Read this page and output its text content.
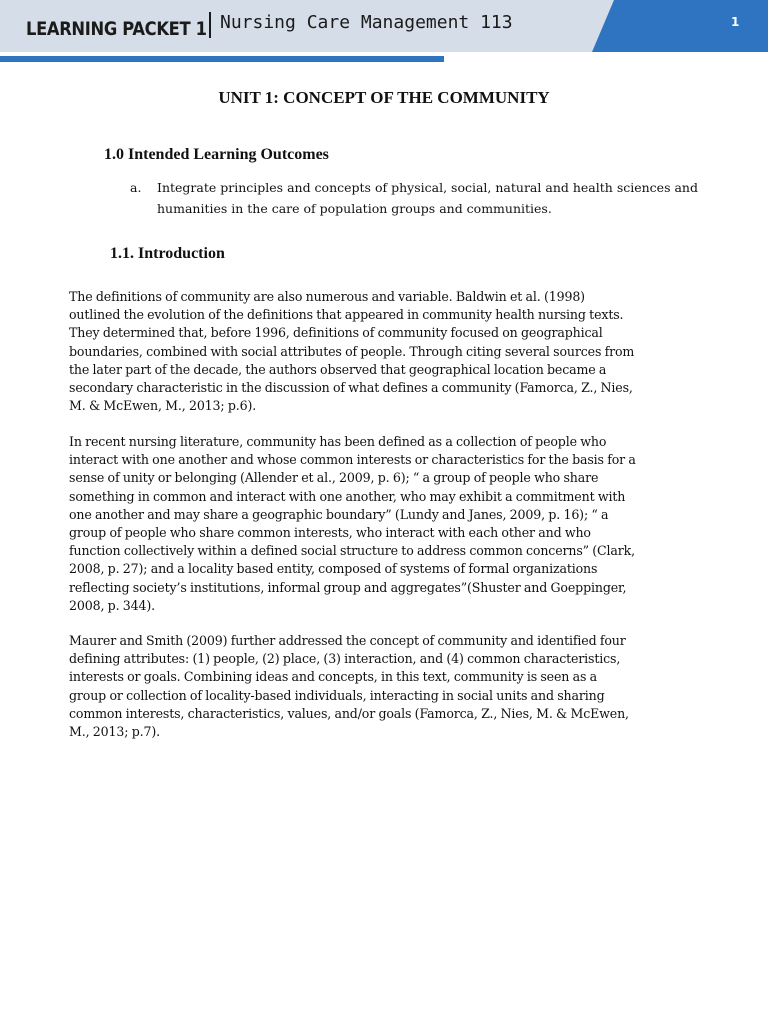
LEARNING PACKET 1 Nursing Care Management 113	1
UNIT 1: CONCEPT OF THE COMMUNITY
1.0 Intended Learning Outcomes
a. Integrate principles and concepts of physical, social, natural and health sciences and humanities in the care of population groups and communities.
1.1. Introduction
The definitions of community are also numerous and variable. Baldwin et al. (1998)
outlined the evolution of the definitions that appeared in community health nursing texts.
They determined that, before 1996, definitions of community focused on geographical
boundaries, combined with social attributes of people. Through citing several sources from
the later part of the decade, the authors observed that geographical location became a
secondary characteristic in the discussion of what defines a community (Famorca, Z., Nies,
M. & McEwen, M., 2013; p.6).
In recent nursing literature, community has been defined as a collection of people who
interact with one another and whose common interests or characteristics for the basis for a
sense of unity or belonging (Allender et al., 2009, p. 6); “ a group of people who share
something in common and interact with one another, who may exhibit a commitment with
one another and may share a geographic boundary” (Lundy and Janes, 2009, p. 16); “ a
group of people who share common interests, who interact with each other and who
function collectively within a defined social structure to address common concerns” (Clark,
2008, p. 27); and a locality based entity, composed of systems of formal organizations
reflecting society’s institutions, informal group and aggregates”(Shuster and Goeppinger,
2008, p. 344).
Maurer and Smith (2009) further addressed the concept of community and identified four
defining attributes: (1) people, (2) place, (3) interaction, and (4) common characteristics,
interests or goals. Combining ideas and concepts, in this text, community is seen as a
group or collection of locality-based individuals, interacting in social units and sharing
common interests, characteristics, values, and/or goals (Famorca, Z., Nies, M. & McEwen,
M., 2013; p.7).
